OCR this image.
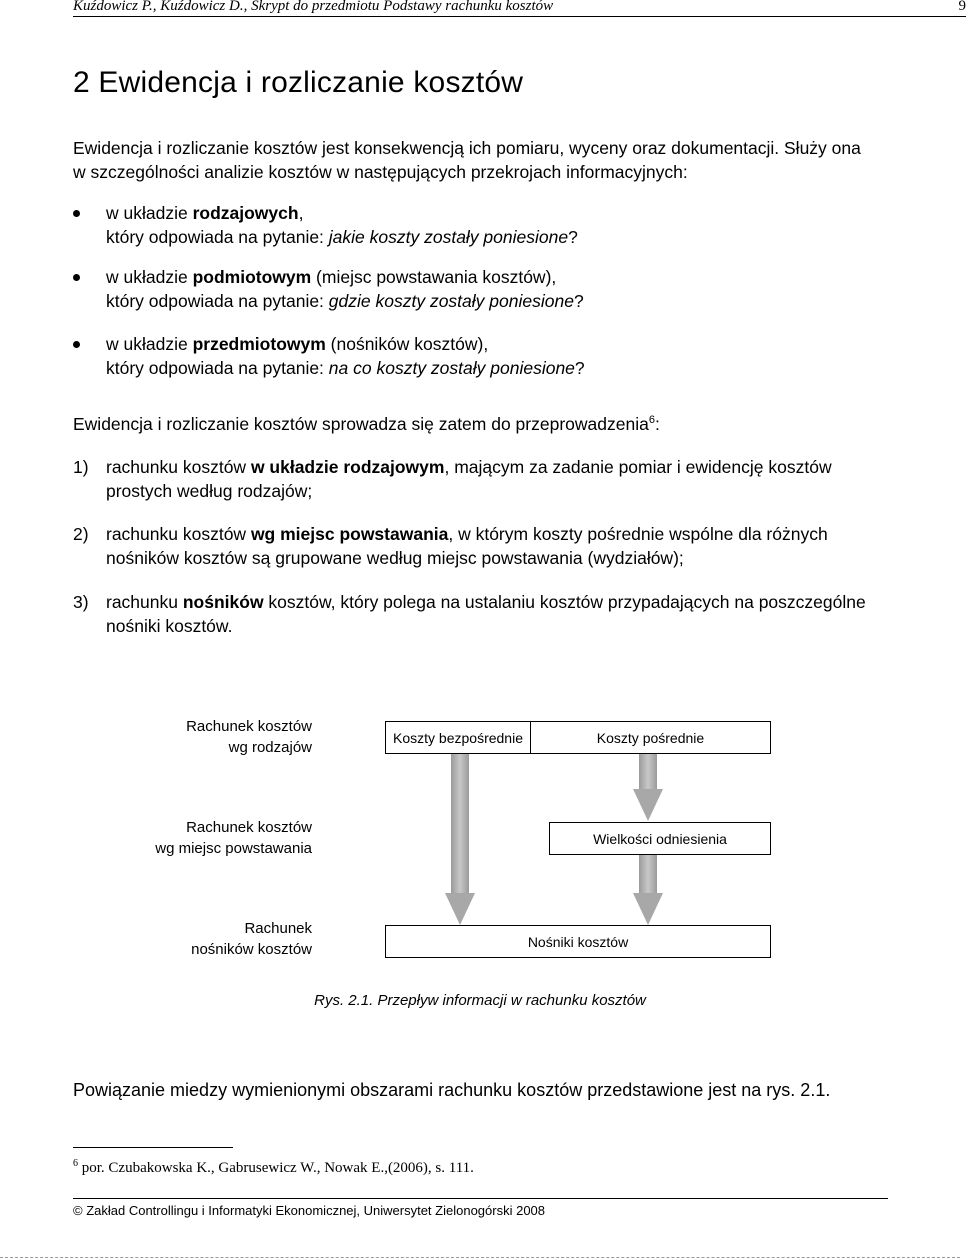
Kuźdowicz P., Kuźdowicz D., Skrypt do przedmiotu Podstawy rachunku kosztów	9
2 Ewidencja i rozliczanie kosztów
Ewidencja i rozliczanie kosztów jest konsekwencją ich pomiaru, wyceny oraz dokumentacji. Służy ona
w szczególności analizie kosztów w następujących przekrojach informacyjnych:
w układzie rodzajowych,
który odpowiada na pytanie: jakie koszty zostały poniesione?
w układzie podmiotowym (miejsc powstawania kosztów),
który odpowiada na pytanie: gdzie koszty zostały poniesione?
w układzie przedmiotowym (nośników kosztów),
który odpowiada na pytanie: na co koszty zostały poniesione?
Ewidencja i rozliczanie kosztów sprowadza się zatem do przeprowadzenia$^6$:
1) rachunku kosztów w układzie rodzajowym, mającym za zadanie pomiar i ewidencję kosztów
prostych według rodzajów;
2) rachunku kosztów wg miejsc powstawania, w którym koszty pośrednie wspólne dla różnych
nośników kosztów są grupowane według miejsc powstawania (wydziałów);
3) rachunku nośników kosztów, który polega na ustalaniu kosztów przypadających na poszczególne
nośniki kosztów.
Rachunek kosztów
wg rodzajów
Rachunek kosztów
wg miejsc powstawania
Rachunek
nośników kosztów
Koszty bezpośrednie	Koszty pośrednie
Wielkości odniesienia
Nośniki kosztów
Rys. 2.1. Przepływ informacji w rachunku kosztów
Powiązanie miedzy wymienionymi obszarami rachunku kosztów przedstawione jest na rys. 2.1.
$^6$ por. Czubakowska K., Gabrusewicz W., Nowak E.,(2006), s. 111.
© Zakład Controllingu i Informatyki Ekonomicznej, Uniwersytet Zielonogórski 2008
